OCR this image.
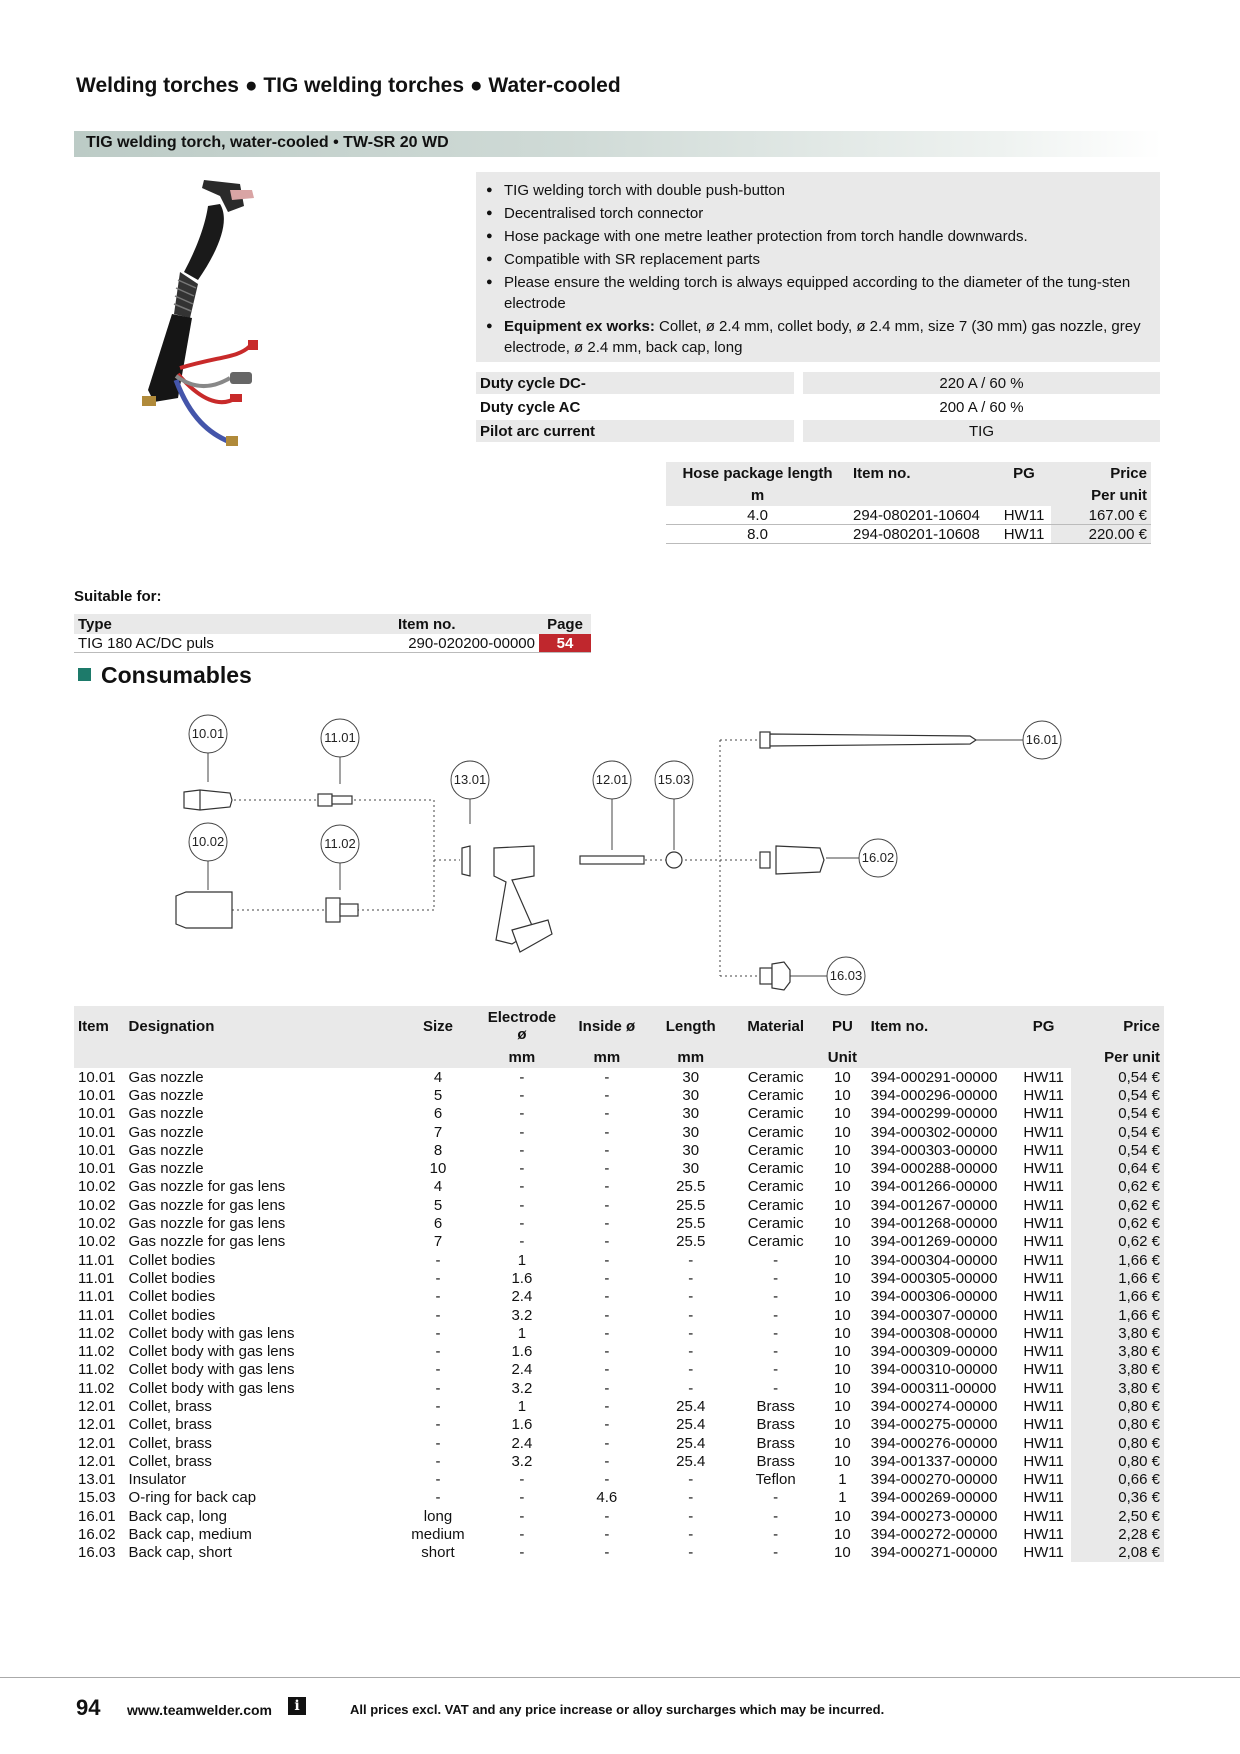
Welding torches ● TIG welding torches ● Water-cooled
TIG welding torch, water-cooled • TW-SR 20 WD
● TIG welding torch with double push-button
● Decentralised torch connector
● Hose package with one metre leather protection from torch handle downwards.
● Compatible with SR replacement parts
● Please ensure the welding torch is always equipped according to the diameter of the tung-sten electrode
● Equipment ex works: Collet, ø 2.4 mm, collet body, ø 2.4 mm, size 7 (30 mm) gas nozzle, grey electrode, ø 2.4 mm, back cap, long
Duty cycle DC-	220 A / 60 %
Duty cycle AC	200 A / 60 %
Pilot arc current	TIG
Hose package length	Item no.	PG	Price
m			Per unit
4.0	294-080201-10604	HW11	167.00 €
8.0	294-080201-10608	HW11	220.00 €
Suitable for:
Type	Item no.	Page
TIG 180 AC/DC puls	290-020200-00000	54
Consumables
10.01	11.01
13.01	12.01 15.03
16.01
10.02	11.02
16.02
16.03
Item	Designation	Size	Electrode ø	Inside ø	Length	Material	PU	Item no.	PG	Price
			mm	mm	mm		Unit			Per unit
10.01	Gas nozzle	4	-	-	30	Ceramic	10	394-000291-00000	HW11	0,54 €
10.01	Gas nozzle	5	-	-	30	Ceramic	10	394-000296-00000	HW11	0,54 €
10.01	Gas nozzle	6	-	-	30	Ceramic	10	394-000299-00000	HW11	0,54 €
10.01	Gas nozzle	7	-	-	30	Ceramic	10	394-000302-00000	HW11	0,54 €
10.01	Gas nozzle	8	-	-	30	Ceramic	10	394-000303-00000	HW11	0,54 €
10.01	Gas nozzle	10	-	-	30	Ceramic	10	394-000288-00000	HW11	0,64 €
10.02	Gas nozzle for gas lens	4	-	-	25.5	Ceramic	10	394-001266-00000	HW11	0,62 €
10.02	Gas nozzle for gas lens	5	-	-	25.5	Ceramic	10	394-001267-00000	HW11	0,62 €
10.02	Gas nozzle for gas lens	6	-	-	25.5	Ceramic	10	394-001268-00000	HW11	0,62 €
10.02	Gas nozzle for gas lens	7	-	-	25.5	Ceramic	10	394-001269-00000	HW11	0,62 €
11.01	Collet bodies	-	1	-	-	-	10	394-000304-00000	HW11	1,66 €
11.01	Collet bodies	-	1.6	-	-	-	10	394-000305-00000	HW11	1,66 €
11.01	Collet bodies	-	2.4	-	-	-	10	394-000306-00000	HW11	1,66 €
11.01	Collet bodies	-	3.2	-	-	-	10	394-000307-00000	HW11	1,66 €
11.02	Collet body with gas lens	-	1	-	-	-	10	394-000308-00000	HW11	3,80 €
11.02	Collet body with gas lens	-	1.6	-	-	-	10	394-000309-00000	HW11	3,80 €
11.02	Collet body with gas lens	-	2.4	-	-	-	10	394-000310-00000	HW11	3,80 €
11.02	Collet body with gas lens	-	3.2	-	-	-	10	394-000311-00000	HW11	3,80 €
12.01	Collet, brass	-	1	-	25.4	Brass	10	394-000274-00000	HW11	0,80 €
12.01	Collet, brass	-	1.6	-	25.4	Brass	10	394-000275-00000	HW11	0,80 €
12.01	Collet, brass	-	2.4	-	25.4	Brass	10	394-000276-00000	HW11	0,80 €
12.01	Collet, brass	-	3.2	-	25.4	Brass	10	394-001337-00000	HW11	0,80 €
13.01	Insulator	-	-	-	-	Teflon	1	394-000270-00000	HW11	0,66 €
15.03	O-ring for back cap	-	-	4.6	-	-	1	394-000269-00000	HW11	0,36 €
16.01	Back cap, long	long	-	-	-	-	10	394-000273-00000	HW11	2,50 €
16.02	Back cap, medium	medium	-	-	-	-	10	394-000272-00000	HW11	2,28 €
16.03	Back cap, short	short	-	-	-	-	10	394-000271-00000	HW11	2,08 €
94 www.teamwelder.com	i	All prices excl. VAT and any price increase or alloy surcharges which may be incurred.
